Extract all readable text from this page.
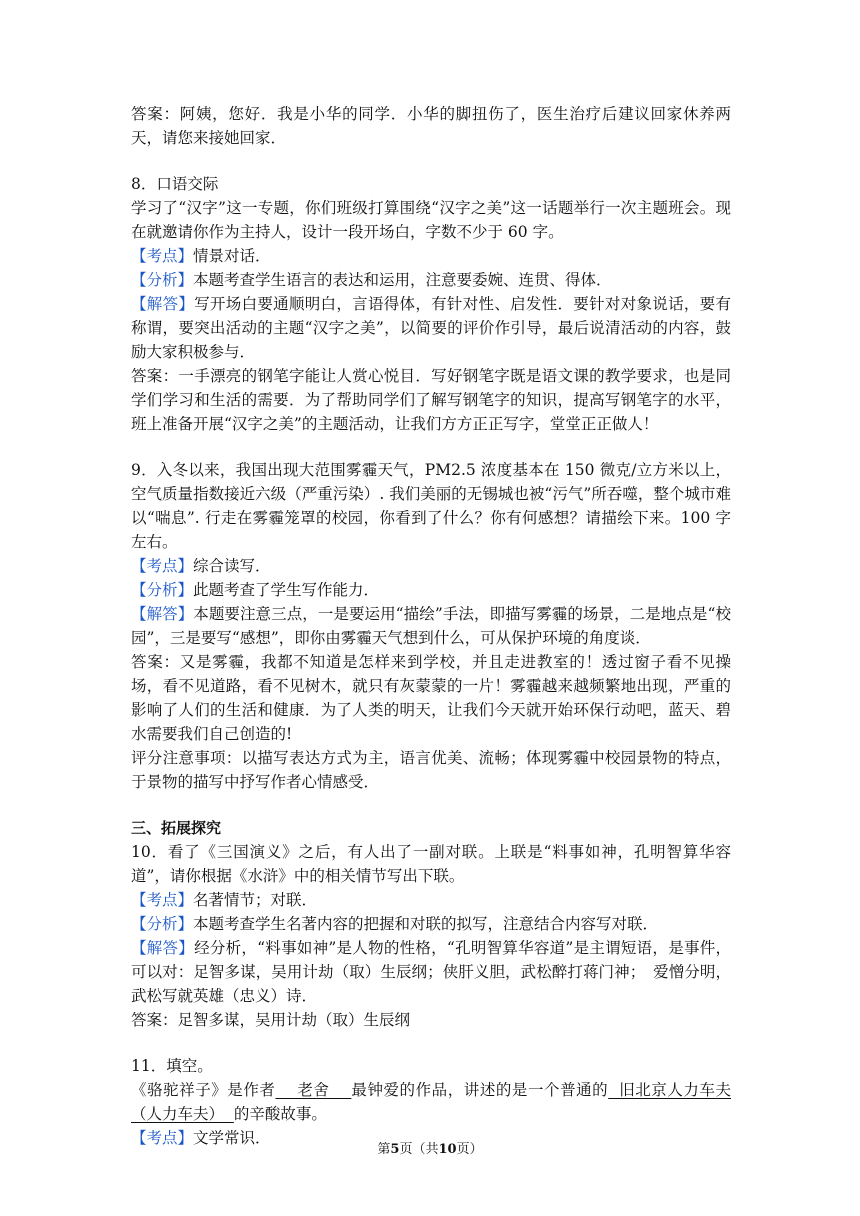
答案：阿姨，您好．我是小华的同学．小华的脚扭伤了，医生治疗后建议回家休养两天，请您来接她回家．

8．口语交际

学习了“汉字”这一专题，你们班级打算围绕“汉字之美”这一话题举行一次主题班会。现在就邀请你作为主持人，设计一段开场白，字数不少于 60 字。

【考点】情景对话．

【分析】本题考查学生语言的表达和运用，注意要委婉、连贯、得体．

【解答】写开场白要通顺明白，言语得体，有针对性、启发性．要针对对象说话，要有称谓，要突出活动的主题“汉字之美”，以简要的评价作引导，最后说清活动的内容，鼓励大家积极参与．

答案：一手漂亮的钢笔字能让人赏心悦目．写好钢笔字既是语文课的教学要求，也是同学们学习和生活的需要．为了帮助同学们了解写钢笔字的知识，提高写钢笔字的水平，班上准备开展“汉字之美”的主题活动，让我们方方正正写字，堂堂正正做人！

9．入冬以来，我国出现大范围雾霾天气，PM2.5 浓度基本在 150 微克/立方米以上，空气质量指数接近六级（严重污染）. 我们美丽的无锡城也被“污气”所吞噬，整个城市难以“喘息”. 行走在雾霾笼罩的校园，你看到了什么？你有何感想？请描绘下来。100 字左右。

【考点】综合读写．

【分析】此题考查了学生写作能力．

【解答】本题要注意三点，一是要运用“描绘”手法，即描写雾霾的场景，二是地点是“校园”，三是要写“感想”，即你由雾霾天气想到什么，可从保护环境的角度谈．

答案：又是雾霾，我都不知道是怎样来到学校，并且走进教室的！透过窗子看不见操场，看不见道路，看不见树木，就只有灰蒙蒙的一片！雾霾越来越频繁地出现，严重的影响了人们的生活和健康．为了人类的明天，让我们今天就开始环保行动吧，蓝天、碧水需要我们自己创造的!

评分注意事项：以描写表达方式为主，语言优美、流畅；体现雾霾中校园景物的特点，于景物的描写中抒写作者心情感受．

三、拓展探究

10．看了《三国演义》之后，有人出了一副对联。上联是“料事如神，孔明智算华容道”，请你根据《水浒》中的相关情节写出下联。

【考点】名著情节；对联．

【分析】本题考查学生名著内容的把握和对联的拟写，注意结合内容写对联．

【解答】经分析，“料事如神”是人物的性格，“孔明智算华容道”是主谓短语，是事件，可以对：足智多谋，吴用计劫（取）生辰纲；侠肝义胆，武松醉打蒋门神；　爱憎分明，武松写就英雄（忠义）诗．

答案：足智多谋，吴用计劫（取）生辰纲

11．填空。

《骆驼祥子》是作者    老舍    最钟爱的作品，讲述的是一个普通的  旧北京人力车夫（人力车夫）  的辛酸故事。

【考点】文学常识．

第5页（共10页）
